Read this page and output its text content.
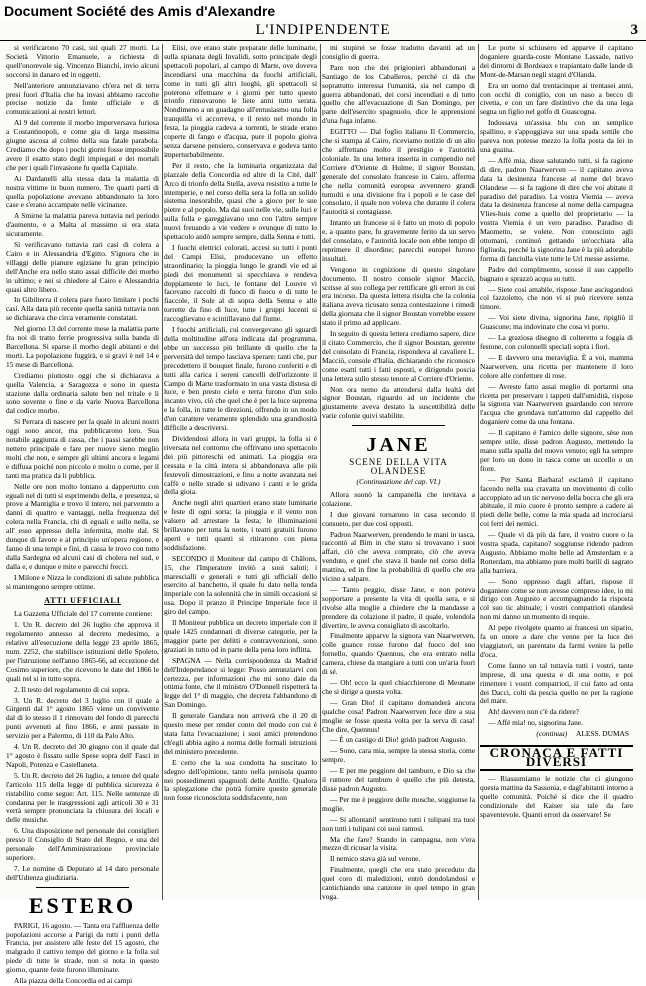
Document Société des Amis d'Alexandre
L'INDIPENDENTE	3

si verificarono 70 casi, sui quali 27 morti. La Società Vittorio Emanuele, a richiesta di quell'onorevole sig. Vincenzo Bianchi, invio alcuni soccorsi in danaro ed in oggetti.

Nell'anteriore annunziavano ch'era nel di terra presi fuori d'Italia che ha invasi abbiamo raccolte precise notizie da fonte ufficiale e di comunicazioni ai nostri lettori.

Al 9 del corrente il morbo imperversava furiosa a Costantinopoli, e come gia di larga massima giugne ascosa al colmo della sua fatale parabola. Crediamo che dopo i pochi giorni fosse impossibile avere il esatto stato degli impiegati e dei mortali che per i quali l'invasione fu quella Capitale.

Ai Dardanelli alla stessa data la malattia di nostra vittime in buon numero. Tre quarti parti di quella popolazione avevano abbandonato la loro case e s'erano accampate nelle vicinanze.

A Smirne la malattia pareva tuttavia nel periodo d'aumento, e a Malta al massimo si era stata sicuramente.

Si verificavano tuttavia rari casi di colera a Cairo e in Alessandria d'Egitto. S'ignora che in villaggi delle pianure egiziane fu gran principio dell'Anche era nello stato assai difficile dei morbo in ultimo; e nei si chiedere al Cairo e Alessandria quasi altro libero.

In Gibilterra il colera pare fuoro limitare i pochi casi. Alla data più recente quella sanità tuttavia non se dichiarava che circa veramente constatati.

Nel giorno 13 del corrente mese la malattia parte fra noi di tratto ferrie progressiva sulla banda di Barcellona. Si sparse il morbo degli abitanti e dei morti. La popolazione fuggirà, e si gravi è nel 14 e 15 mese di Barcellona.

Crediamo piuttosto oggi che si dichiarava a quella Valencia, a Saragozza e sono in questa stazione dalla ordinaria salute ben nel tritale e li sono sovente o fine e da varie Nuova Barcellona dal codice morbo.

Si Perrara di nascere per la quale in alcuni nostri oggi sono ancor, ma pubblicarono loro. Sua notabile aggiunta di cassa, che i passi sarebbe non nettero principale e fare per nuove sieno meglio molti che non, e sempre gli ultimi ancora e legami e diffusa poiché non piccolo e molto o come, per il tanti ma pratica da li pubblica.

Nelle ore non molto lontano a dappertutto con eguali nel di tutti si esprimendo della, e presenza, si prove a Mantiglia e trovo il intero, nei parvenuto a danni di quattro e vantaggi, nella frequenza del colera nella Francia, chi di eguali e sullo nella, se all' esso appresso della infermita, molte dal. Si dunque di favore e al principio un'opera regione, e fanno di una tempi e fini, di cassa le trovo con tutto dalla Sardegna ed alcuni casi di cholera nel sud, e dalla e, e dunque e mite e parecchi frecci.

I Milone e Nizza le condizioni di salute pubblica si mantengono sempre ottime.

ATTI UFFICIALI

La Gazzetta Ufficiale del 17 corrente contiene:

1. Un R. decreto del 26 luglio che approva il regolamento annesso al decreto medesimo, a relative all'esecuzione della legge 23 aprile 1865, num. 2252, che stabilisce istituzioni delle Spoleto, per l'istruzione nell'anno 1865-66, ad eccezione del Cosimo superiore, che ricevono le date del 1866 le quali nel si in tutto sopra.

2. Il testo del regolamento di cui sopra.

3. Un R. decreto del 3 luglio con il quale a Girgenti dal 1° agosto 1865 viene un convivente dal di lo stesso il 1 rinnovato del fondo di parecchi punti avvenuti al fino 1866, e anni passate in servizio per a Palermo, di 110 da Palo Alto.

4. Un R. decreto del 30 giugno con il quale dal 1° agosto è fissato sulle Spese sopra dell' Fasci in Napoli, Potenza e Castellaneta.

5. Un R. decreto del 26 luglio, a tenore del quale l'articolo 115 della legge di pubblica sicurezza è ristabilito come segue: Art. 115. Nelle sentenze di condanna per le trasgressioni agli articoli 30 e 31 verrà sempre pronunciata la chiusura dei locali e delle musiche.

6. Una disposizione nel personale dei consiglieri presso il Consiglio di Stato del Regno, e una del personale dell'Amministrazione provinciale superiore.

7. Le nomine di Deputato al 14 dato personale dell'Udienza giudiziaria.

ESTERO

PARIGI, 16 agosto. — Tanta era l'affluenza delle popolazioni accorse a Parigi da tutti i punti della Francia, per assistere alle feste del 15 agosto, che malgrado il cattivo tempo del giorno e la folla sul piede di tutte le strade, non si nota in questo giorno, quante feste furono illuminate.

Alla piazza della Concordia ed ai campi

Elisi, ove erano state preparate delle luminarie, sulla spianata degli Invalidi, sotto principale degli spettacoli popolari, al campo di Marte, ove doveva incendiarsi una macchina da fuochi artificiali, come in tutti gli altri luoghi, gli spettacoli si poterono effettuare e i giorni per tutto questo trionfo rinnovarono le liete anni tutto serata. Nondimeno a un guadagno all'entusiasmo una folla tranquilla vi accorreva, e il resto nel mondo in festa, la pioggia cadeva a torrenti, le strade erano coperte di fango e d'acqua, pure il popolo gioiva senza darsene pensiero, conservava e godeva tanto imperturbabilmente.

Per il resto, che la luminaria organizzata dal piazzale della Concordia ed altre di la Cité, dall' Arco di trionfo della Stella, aveva resistito a tutte le intemperie, e nel corso della sera la folla un solido sistema inesorabile, quasi che a gioco per le sue pietre e al popolo. Ma dai suoi nelle vie, sulle luci e sulla folla e gareggiavano uno con l'altro sempre nuovi frenando a vie vedere e ovunque di tutto lo spettacolo andò sempre sempre, dalla Senna e tutti.

I fuochi elettrici colorati, accesi su tutti i ponti del Campi Elisi, producevano un effetto straordinario; la pioggia lungo le grandi vie ed ai piedi dei monumenti si specchiava e rendeva doppiamente le luci, le fontane del Louvre vi facevano raccolti di fuoco di fuoco e di tutte le fiaccole, il Sole al di sopra della Senna e alle torrette da fino di luce, tutte i gruppi lucenti si raccoglievano e scintillavano dal fiume.

I fuochi artificiali, cui convergevano gli sguardi della moltitudine all'ora indicata dal programma, ebbe un successo più brillante di quello che la perversità del tempo lasciava sperare: tanti che, pur precedettero il bouquet finale, furono conferiti e di tutti alla carica i sereni cancelli dell'orizzonte il Campo di Marte trasformato in una vasta distesa di luce, e ben presto cielo e terra furono d'un solo incanto vivo, ciò che quel che è per la luce suprema e la folla, in tutte le direzioni, offrendo in un modo d'un carattere veramente splendido una grandiosità difficile a descriversi.

Dividendosi allora in vari gruppi, la folla si è riversata nel contorno che offrivano uno spettacolo dei più pittoreschi ed animati. La pioggia era cessata e la città intera si abbandonava alle più festevoli dimostrazioni, e fino a notte avanzata nei caffè e nelle strade si udivano i canti e le grida della gioia.

Anche negli altri quartieri erano state luminarie e feste di ogni sorta; la pioggia e il vento non valsero ad arrestare la festa; le illuminazioni brillavano per tutta la notte, i teatri gratuiti furono aperti e tutti quanti si ritirarono con piena soddisfazione.

SECONDO il Moniteur dal campo di Châlons, 15, che l'Imperatore invitò a suoi saluti; i marescialli e generali e tutti gli ufficiali dello esercito al banchetto, il quale fu dato nella tenda imperiale con la solennità che in simili occasioni si usa. Dopo il pranzo il Principe Imperiale fece il giro del campo.

Il Moniteur pubblica un decreto imperiale con il quale 1425 condannati di diverse categorie, per la maggior parte per delitti e contravvenzioni, sono graziati in tutto od in parte della pena loro inflitta.

SPAGNA — Nella corrispondenza da Madrid dell'Independance si legge: Posso annunziarvi con certezza, per informazioni che mi sono date da ottima fonte, che il ministro O'Donnell rispetterà la legge del 1° di maggio, che decreta l'abbandono di San Domingo.

Il generale Gandara non arriverà che il 20 di questo mese per render conto del modo con cui è stata fatta l'evacuazione; i suoi amici pretendono ch'egli abbia agito a norma delle formali istruzioni del ministero precedente.

E certo che la sua condotta ha suscitato lo sdegno dell'opinione, tanto nella penisola quanto nei possedimenti spagnuoli delle Antille. Qualora la spiegazione che potrà fornire questo generale non fosse riconosciuta soddisfacente, non

mi stupirei se fosse tradotto davanti ad un consiglio di guerra.

Pare non che dei prigionieri abbandonati a Santiago de los Caballeros, perché ci dà che soprattutto interessa l'umanità, sia nel campo di guerra abbandonati, dei corsi incendiati e di tutto quello che all'evacuazione di San Domingo, per parte dell'esercito spagnuolo, dice le apprensioni d'una fuga infame.

EGITTO — Dal foglio italiano Il Commercio, che si stampa al Cairo, riceviamo notizie di un alto che affrettano molto il prestigio e l'autorità coloniale. In una lettera inserita in compendio nel Corriere d'Oriente di Hulme, il signor Boustan, generale del consolato francese in Cairo, afferma che nella comunità europea avvennero grandi tumulti e una divisione fra i popoli e le case del consolato, il quale non voleva che durante il colera l'autorità si contagiasse.

Intanto un francese si è fatto un moto di popolo e, a quanto pare, fu gravemente ferito da un servo del consolato, e l'autorità locale non ebbe tempo di reprimere il disordine; parecchi europei furono insultati.

Vengono in cognizione di questo singolare documento. Il nostro console signor Macciò, scrisse al suo collega per rettificare gli errori in cui era incorso. Da questa lettera risulta che la colonia italiana aveva ricusato senza contestazione i rimedi della giornata che il signor Boustan vorrebbe essere stato il primo ad applicare.

In seguito di questa lettera crediamo sapere, dice il citato Commercio, che il signor Boustan, gerente del consolato di Francia, rispondeva al cavaliere L. Macciò, console d'Italia, dichiarando che riconosce come esatti tutti i fatti esposti, e dirigendo poscia una lettera sullo stesso tenore al Corriere d'Oriente.

Non ora nemo da attendersi dalla lealtà del signor Boustan, riguardo ad un incidente che giustamente aveva destato la suscettibilità delle varie colonie quivi stabilite.

JANE
SCENE DELLA VITA OLANDESE
(Continuazione del cap. VI.)

Allora suonò la campanella che invitava a colazione.

I due giovani tornarono in casa secondo il consueto, per due così opposti.

Padron Naarwerven, prendendo le mani in tasca, raccontò al Bim in che stato si trovavano i suoi affari, ciò che aveva comprato, ciò che aveva venduto, e quel che stava il baule nel corso della mattina, ed in fine la probabilità di quello che era vicino a salpare.

— Tanto peggio, disse Jane, e non poteva sopportare a presente la vita di quella sera, e si rivolse alla moglie a chiedere che la mandasse a prendere da colazione il padre, il quale, volendola divertire, le aveva consigliato di ascoltarlo.

Finalmente apparve la signora van Naarwerven, colle guance rosse furono dal fuoco del suo fornello, quando Quennus, che era entrato nella camera, chiese da mangiare a tutti con un'aria fuori di sé.

— Oh! ecco la quel chiacchierone di Meunane che si dirige a questa volta.

— Gran Dio! il capitano domanderà ancora qualche cosa! Padron Naarwerven fece dire a sua moglie se fosse questa volta per la serva di casa! Che dire, Quennus!

— È un castigo di Dio! gridò padron Augusto.

— Sono, cara mia, sempre la stessa storia, come sempre.

— E per me peggiore del tamburo, e Dio sa che il rumore del tamburo è quello che più detesta, disse padron Augusto.

— Per me è peggiore delle mosche, soggiunse la moglie.

— Si allontani! sentirono tutti i tulipani tra tuoi non tutti i tulipani coi suoi ramosi.

Ma che fare? Stando in campagna, non v'era mezzo di ricusar la visita.

Il nemico stava già sul verone.

Finalmente, quegli che era stato preceduto da quel coro di maledizioni, entrò dondolandosi e cantichiando una canzone in quel tempo in gran voga.

Le porte si schiusero ed apparve il capitano doganiere guarda-coste Montane Lassade, nativo dei dintorni di Bordeaux e trapiantato dalle lande di Mont-de-Marsan negli stagni d'Olanda.

Era un uomo dal trentacinque ai trentasei anni, con occhi di coniglio, con un naso a becco di civetta, e con un fare distintivo che da una lega segna un figlio nel golfo di Guascogna.

Indossava un'assisa blu con un semplice spallino, e s'appoggiava sur una spada sottile che pareva non potesse mezzo la folla posta da lei in una guaina.

— Affé mia, disse salutando tutti, si fa ragione di dire, padron Naarwerven — il capitano aveva data la desinenza francese al nome del bravo Olandese — si fa ragione di dire che voi abitate il paradiso del paradiso. La vostra Viemia — aveva data la desinenza francese al nome della campagna Vlies-huis come a quello del proprietario — la vostra Viemia è un vero paradiso. Paradiso di Maometto, se volete. Non conosciuto agli ottomani, continuò gettando un'occhiata alla figliuola, perché la signorina Jane è la più adorabile forma di fanciulla viste tutte le Urì messe assieme.

Padre del complimento, scosse il suo cappello bagnato e sprazzò acqua su tutti.

— Siete così amabile, rispose Jane asciugandosi col fazzoletto, che non vi si può ricevere senza timore.

— Voi siete divina, signorina Jane, ripigliò il Guascone; ma indovinate che cosa vi porto.

— La graziosa disegno di colteretto a foggia di festone, con colonnelli speciali sopra i fiori.

— E davvero una meraviglia. È a voi, mamma Naarwerven, una ricetta per mantenere il loro colore alle confetture di rose.

— Avreste fatto assai meglio di portarmi una ricetta per preservare i tappeti dall'umidità, rispose la signora van Naarwerven guardando con terrore l'acqua che grondava tutt'attorno dal cappello del doganiere come da una fontana.

— Il capitano è l'amico delle signore, sèse non sempre utile, disse padron Augusto, mettendo la mano sulla spalla del nuovo venuto; egli ha sempre per loro un dono in tasca come un uccello o un fiore.

— Per Santa Barbara! esclamò il capitano facendo nella sua cravatta un movimento di collo accoppiato ad un tic nervoso della bocca che gli era abituale, il mio cuore è pronto sempre a cadere ai piedi delle belle, come la mia spada ad incrociarsi coi ferri dei nemici.

— Quale vi dà più da fare, il vostro cuore o la vostra spada, capitano? soggiunse ridendo padron Augusto. Abbiamo molte belle ad Amsterdam e a Rotterdam, ma abbiamo pure molti barili di sagrato alla barriera.

— Sono oppresso dagli affari, rispose il doganiere come se non avesse compreso idee, io mi dirigo con Augusto e accompagnando la risposta col suo tic abituale; i vostri compatrioti olandesi non mi danno un momento di requie.

Al pepe rivolgete quanto ai francesi un sipario, fa un onore a dare che venne per la luce dei viaggiatori, un parentato da farmi venire la pelle d'oca.

Come fanno un tal tuttavia tutti i vostri, tante imprese, di una questa e di una notte, e poi rimettere i vostri compatrioti, il cui fatto ad onta dei Dacci, colti da pescia quello ne per la ragione del mare.

Ah! davvero non c'è da ridere?

— Affé mia! no, signorina Jane.

(continua) ALESS. DUMAS
CRONACA E FATTI DIVERSI

— Riassumiamo le notizie che ci giungono questa mattina da Sassonia, e dagl'abitanti intorno a quelle comunità. Poiché si dice che il quadro condizionale del Kaiser sia tale da fare spaventevole. Quanti errori da osservare! Se
